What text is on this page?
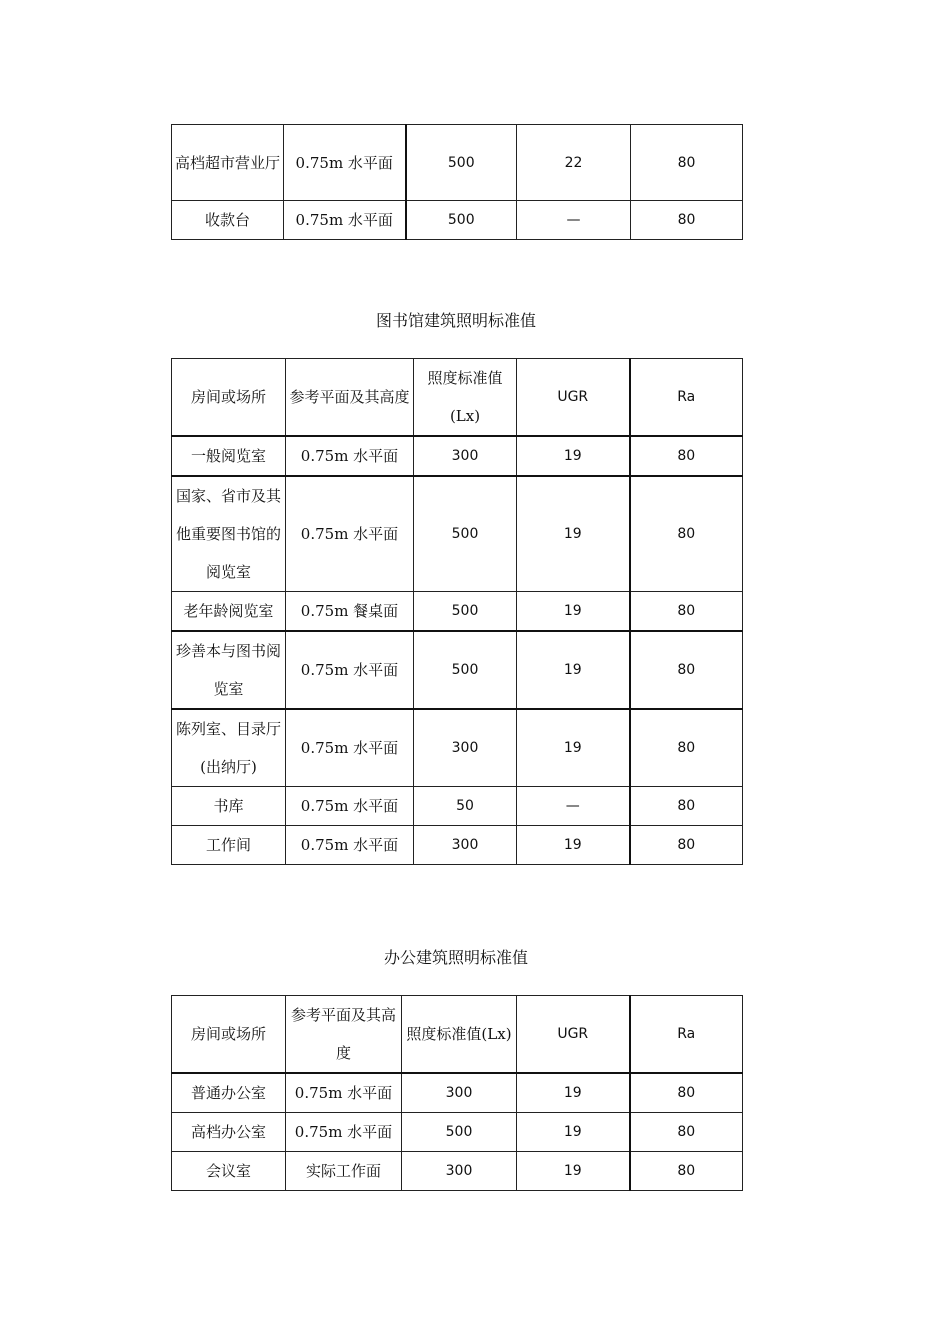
高档超市营业厅	0.75m 水平面	500	22	80
收款台	0.75m 水平面	500	—	80
图书馆建筑照明标准值
房间或场所	参考平面及其高度	照度标准值(Lx)	UGR	Ra
一般阅览室	0.75m 水平面	300	19	80
国家、省市及其他重要图书馆的阅览室	0.75m 水平面	500	19	80
老年龄阅览室	0.75m 餐桌面	500	19	80
珍善本与图书阅览室	0.75m 水平面	500	19	80
陈列室、目录厅(出纳厅)	0.75m 水平面	300	19	80
书库	0.75m 水平面	50	—	80
工作间	0.75m 水平面	300	19	80
办公建筑照明标准值
房间或场所	参考平面及其高度	照度标准值(Lx)	UGR	Ra
普通办公室	0.75m 水平面	300	19	80
高档办公室	0.75m 水平面	500	19	80
会议室	实际工作面	300	19	80
